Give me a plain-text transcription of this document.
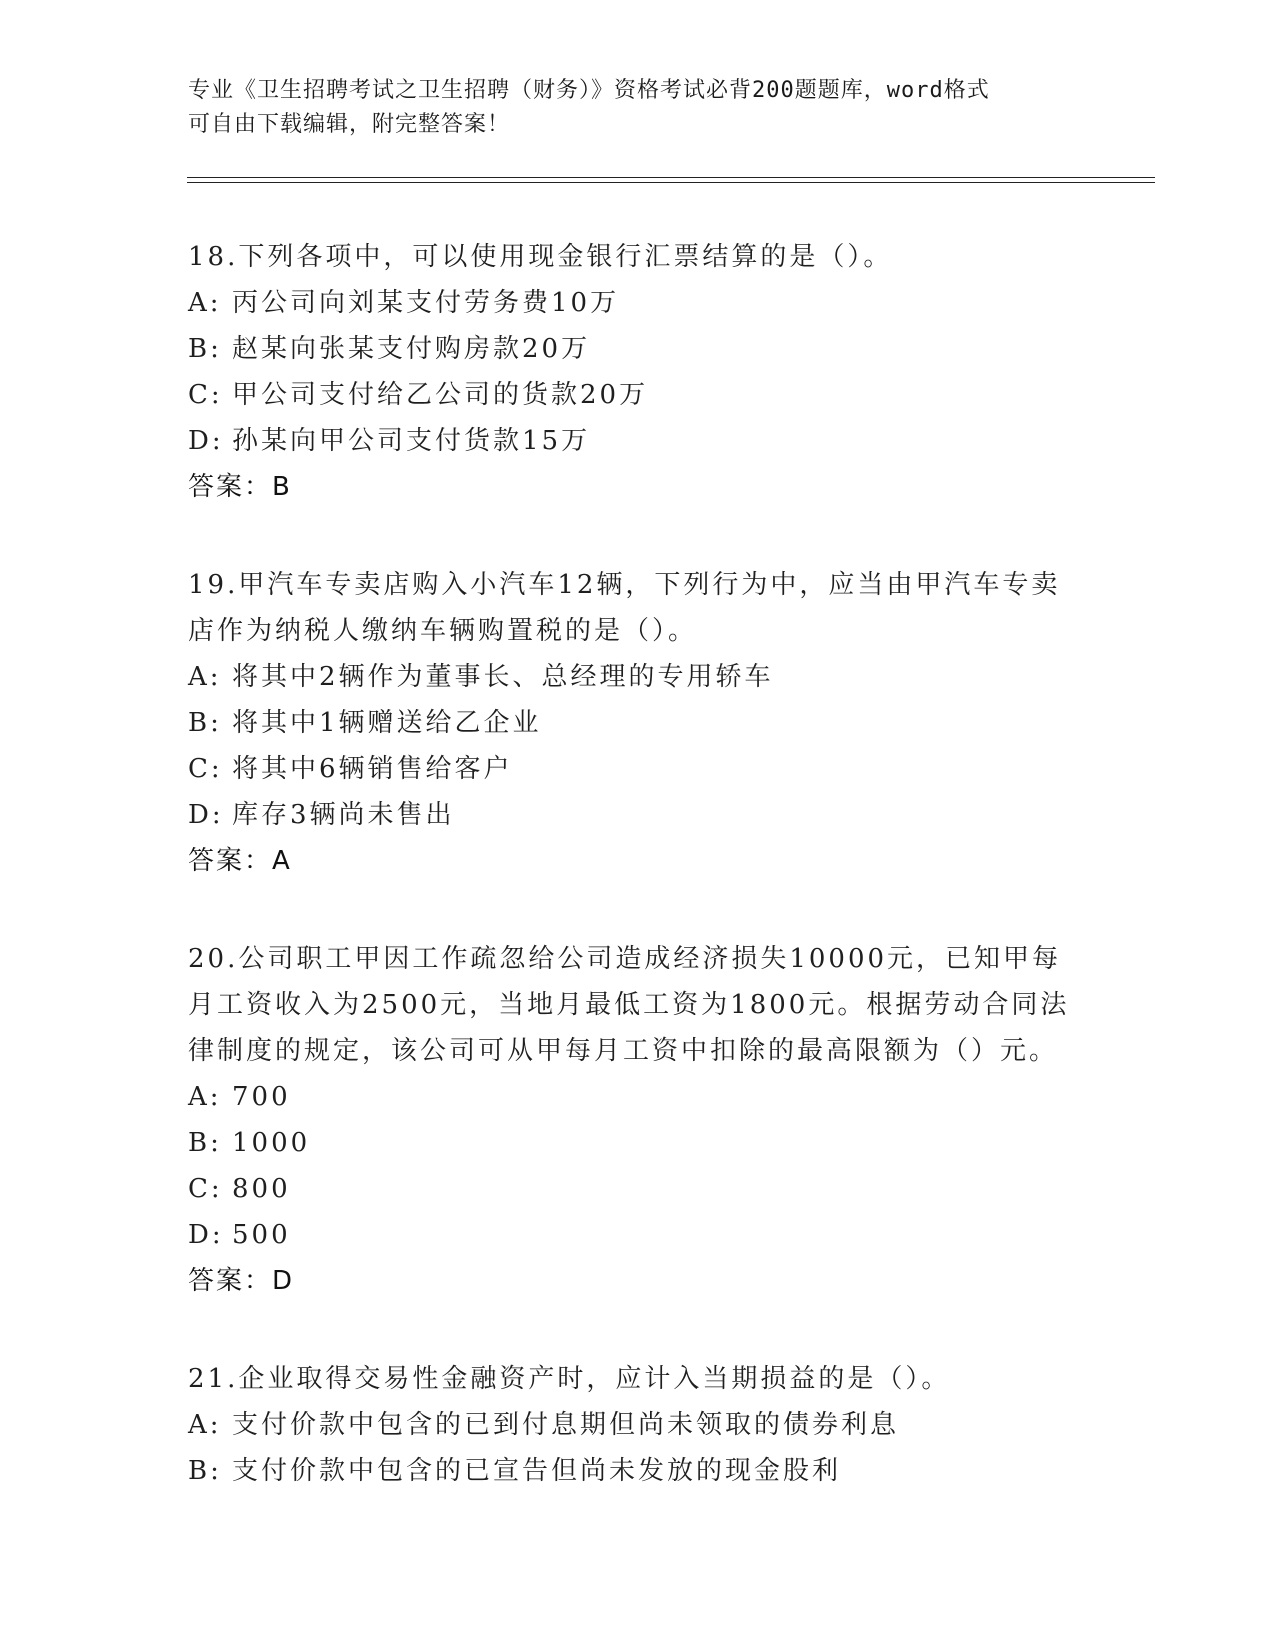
专业《卫生招聘考试之卫生招聘（财务）》资格考试必背200题题库，word格式
可自由下载编辑，附完整答案！
18.下列各项中，可以使用现金银行汇票结算的是（）。
A: 丙公司向刘某支付劳务费10万
B: 赵某向张某支付购房款20万
C: 甲公司支付给乙公司的货款20万
D: 孙某向甲公司支付货款15万
答案：B
19.甲汽车专卖店购入小汽车12辆，下列行为中，应当由甲汽车专卖店作为纳税人缴纳车辆购置税的是（）。
A: 将其中2辆作为董事长、总经理的专用轿车
B: 将其中1辆赠送给乙企业
C: 将其中6辆销售给客户
D: 库存3辆尚未售出
答案：A
20.公司职工甲因工作疏忽给公司造成经济损失10000元，已知甲每月工资收入为2500元，当地月最低工资为1800元。根据劳动合同法律制度的规定，该公司可从甲每月工资中扣除的最高限额为（）元。
A: 700
B: 1000
C: 800
D: 500
答案：D
21.企业取得交易性金融资产时，应计入当期损益的是（）。
A: 支付价款中包含的已到付息期但尚未领取的债券利息
B: 支付价款中包含的已宣告但尚未发放的现金股利
